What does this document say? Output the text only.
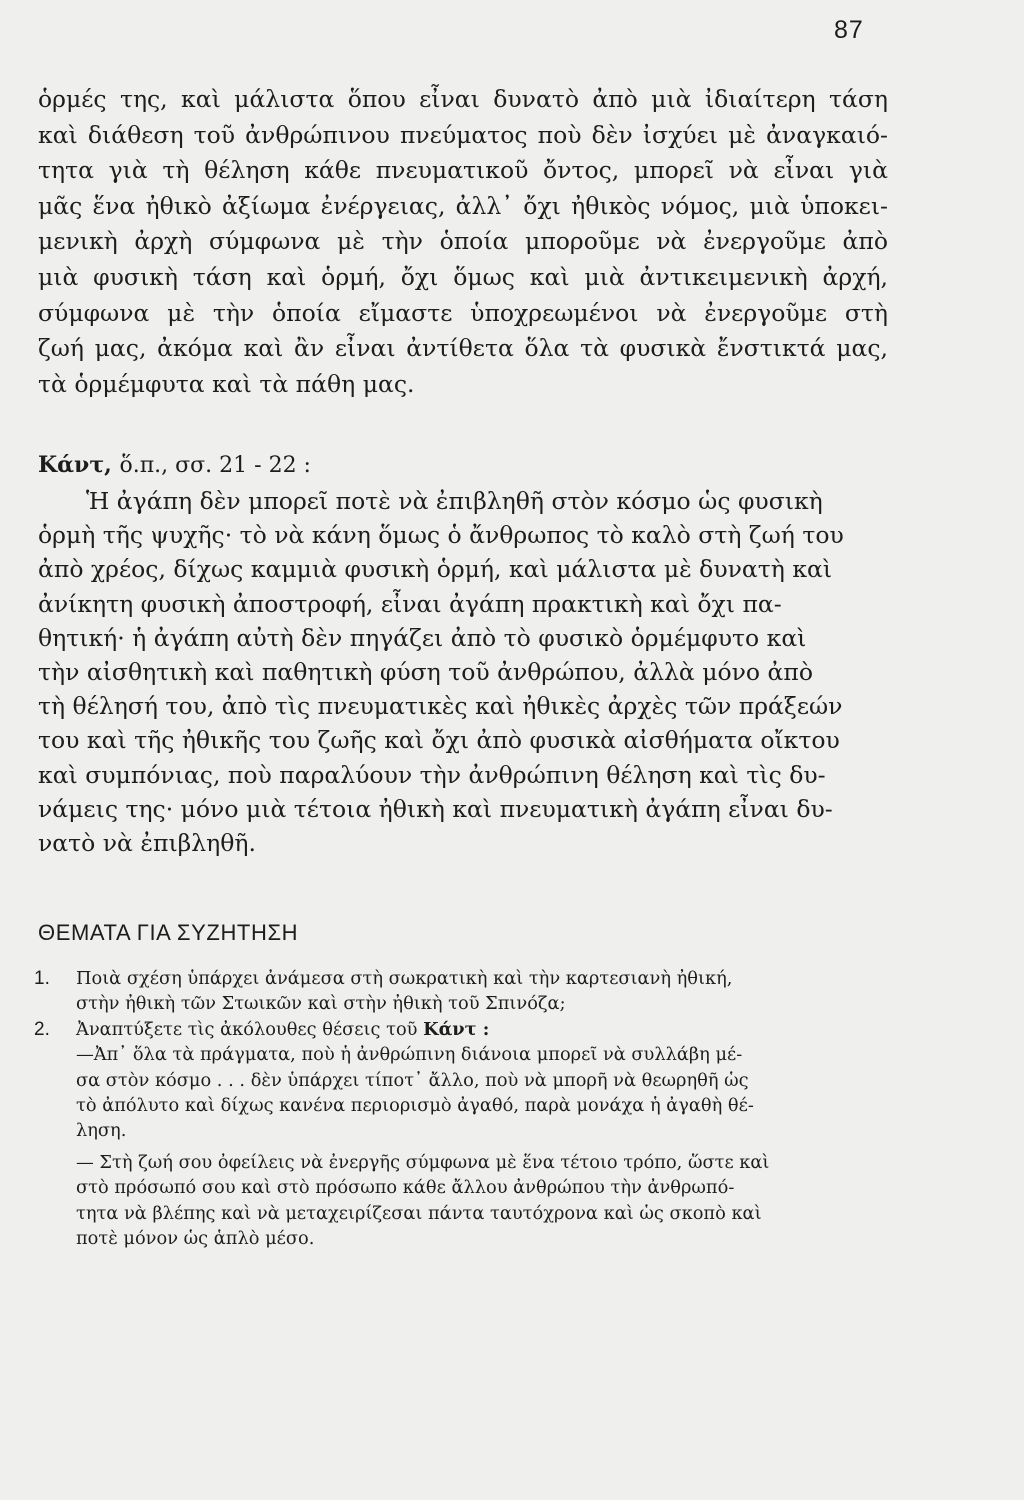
87
ὁρμές της, καὶ μάλιστα ὅπου εἶναι δυνατὸ ἀπὸ μιὰ ἰδιαίτερη τάση
καὶ διάθεση τοῦ ἀνθρώπινου πνεύματος ποὺ δὲν ἰσχύει μὲ ἀναγκαιό-
τητα γιὰ τὴ θέληση κάθε πνευματικοῦ ὄντος, μπορεῖ νὰ εἶναι γιὰ
μᾶς ἕνα ἠθικὸ ἀξίωμα ἐνέργειας, ἀλλ᾽ ὄχι ἠθικὸς νόμος, μιὰ ὑποκει-
μενικὴ ἀρχὴ σύμφωνα μὲ τὴν ὁποία μποροῦμε νὰ ἐνεργοῦμε ἀπὸ
μιὰ φυσικὴ τάση καὶ ὁρμή, ὄχι ὅμως καὶ μιὰ ἀντικειμενικὴ ἀρχή,
σύμφωνα μὲ τὴν ὁποία εἴμαστε ὑποχρεωμένοι νὰ ἐνεργοῦμε στὴ
ζωή μας, ἀκόμα καὶ ἂν εἶναι ἀντίθετα ὅλα τὰ φυσικὰ ἔνστικτά μας,
τὰ ὁρμέμφυτα καὶ τὰ πάθη μας.
Κάντ, ὅ.π., σσ. 21 - 22 :
Ἡ ἀγάπη δὲν μπορεῖ ποτὲ νὰ ἐπιβληθῆ στὸν κόσμο ὡς φυσικὴ
ὁρμὴ τῆς ψυχῆς· τὸ νὰ κάνη ὅμως ὁ ἄνθρωπος τὸ καλὸ στὴ ζωή του
ἀπὸ χρέος, δίχως καμμιὰ φυσικὴ ὁρμή, καὶ μάλιστα μὲ δυνατὴ καὶ
ἀνίκητη φυσικὴ ἀποστροφή, εἶναι ἀγάπη πρακτικὴ καὶ ὄχι πα-
θητική· ἡ ἀγάπη αὐτὴ δὲν πηγάζει ἀπὸ τὸ φυσικὸ ὁρμέμφυτο καὶ
τὴν αἰσθητικὴ καὶ παθητικὴ φύση τοῦ ἀνθρώπου, ἀλλὰ μόνο ἀπὸ
τὴ θέλησή του, ἀπὸ τὶς πνευματικὲς καὶ ἠθικὲς ἀρχὲς τῶν πράξεών
του καὶ τῆς ἠθικῆς του ζωῆς καὶ ὄχι ἀπὸ φυσικὰ αἰσθήματα οἴκτου
καὶ συμπόνιας, ποὺ παραλύουν τὴν ἀνθρώπινη θέληση καὶ τὶς δυ-
νάμεις της· μόνο μιὰ τέτοια ἠθικὴ καὶ πνευματικὴ ἀγάπη εἶναι δυ-
νατὸ νὰ ἐπιβληθῆ.
ΘΕΜΑΤΑ ΓΙΑ ΣΥΖΗΤΗΣΗ
1. Ποιὰ σχέση ὑπάρχει ἀνάμεσα στὴ σωκρατικὴ καὶ τὴν καρτεσιανὴ ἠθική,
στὴν ἠθικὴ τῶν Στωικῶν καὶ στὴν ἠθικὴ τοῦ Σπινόζα;
2. Ἀναπτύξετε τὶς ἀκόλουθες θέσεις τοῦ Κάντ :
—Ἀπ᾽ ὅλα τὰ πράγματα, ποὺ ἡ ἀνθρώπινη διάνοια μπορεῖ νὰ συλλάβη μέ-
σα στὸν κόσμο . . . δὲν ὑπάρχει τίποτ᾽ ἄλλο, ποὺ νὰ μπορῆ νὰ θεωρηθῆ ὡς
τὸ ἀπόλυτο καὶ δίχως κανένα περιορισμὸ ἀγαθό, παρὰ μονάχα ἡ ἀγαθὴ θέ-
ληση.
— Στὴ ζωή σου ὀφείλεις νὰ ἐνεργῆς σύμφωνα μὲ ἕνα τέτοιο τρόπο, ὥστε καὶ
στὸ πρόσωπό σου καὶ στὸ πρόσωπο κάθε ἄλλου ἀνθρώπου τὴν ἀνθρωπό-
τητα νὰ βλέπης καὶ νὰ μεταχειρίζεσαι πάντα ταυτόχρονα καὶ ὡς σκοπὸ καὶ
ποτὲ μόνον ὡς ἁπλὸ μέσο.
